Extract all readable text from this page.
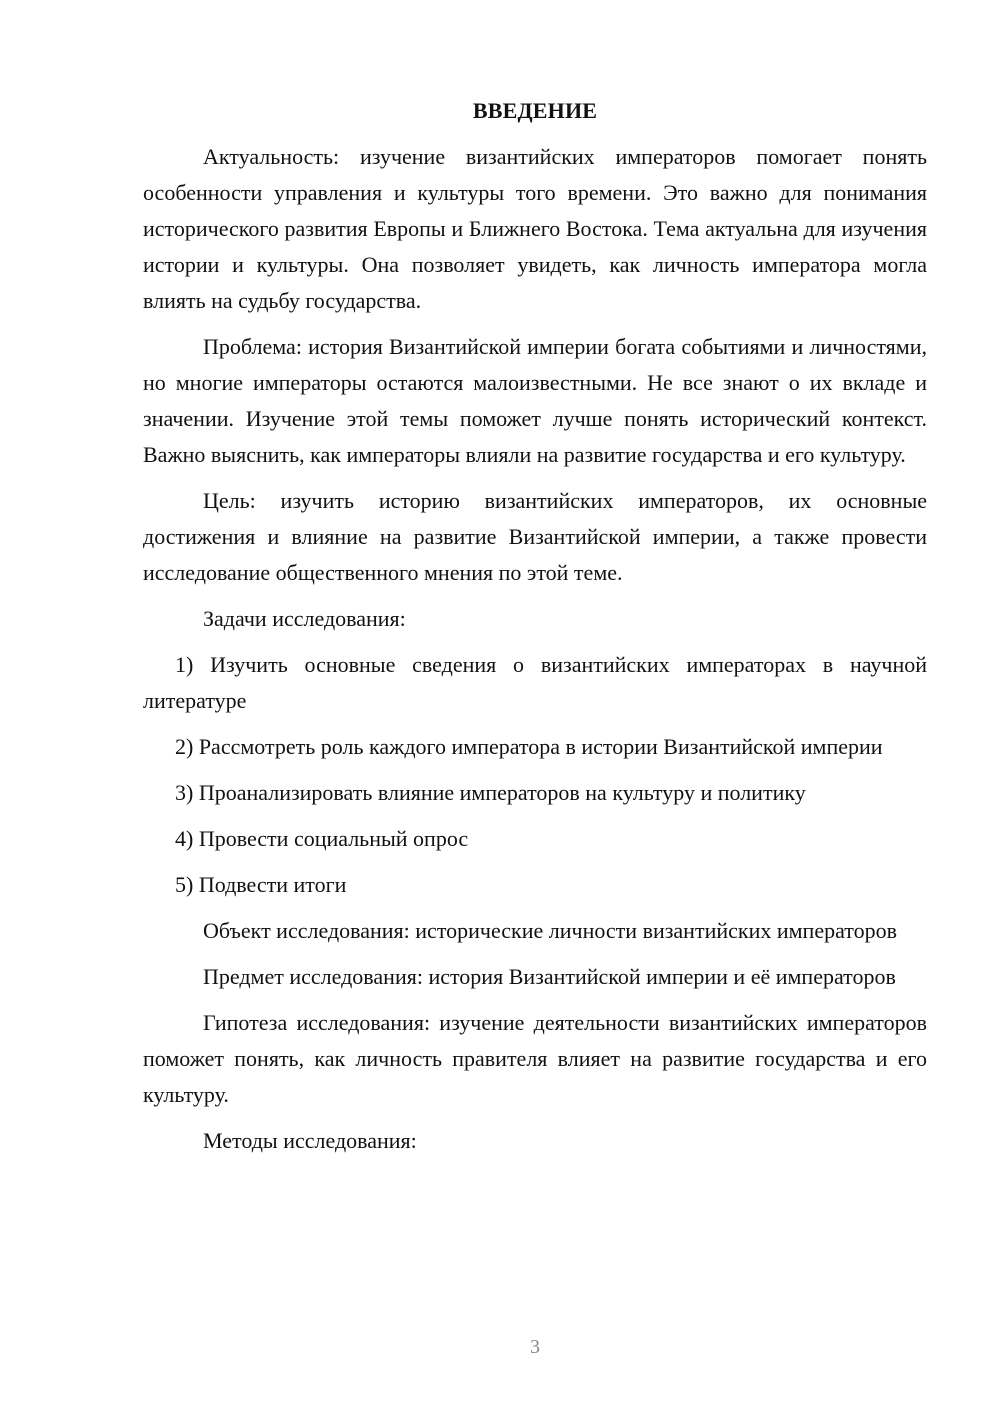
ВВЕДЕНИЕ

Актуальность: изучение византийских императоров помогает понять особенности управления и культуры того времени. Это важно для понимания исторического развития Европы и Ближнего Востока. Тема актуальна для изучения истории и культуры. Она позволяет увидеть, как личность императора могла влиять на судьбу государства.

Проблема: история Византийской империи богата событиями и личностями, но многие императоры остаются малоизвестными. Не все знают о их вкладе и значении. Изучение этой темы поможет лучше понять исторический контекст. Важно выяснить, как императоры влияли на развитие государства и его культуру.

Цель: изучить историю византийских императоров, их основные достижения и влияние на развитие Византийской империи, а также провести исследование общественного мнения по этой теме.

Задачи исследования:

1) Изучить основные сведения о византийских императорах в научной литературе

2) Рассмотреть роль каждого императора в истории Византийской империи

3) Проанализировать влияние императоров на культуру и политику

4) Провести социальный опрос

5) Подвести итоги

Объект исследования: исторические личности византийских императоров

Предмет исследования: история Византийской империи и её императоров

Гипотеза исследования: изучение деятельности византийских императоров поможет понять, как личность правителя влияет на развитие государства и его культуру.

Методы исследования:

3
